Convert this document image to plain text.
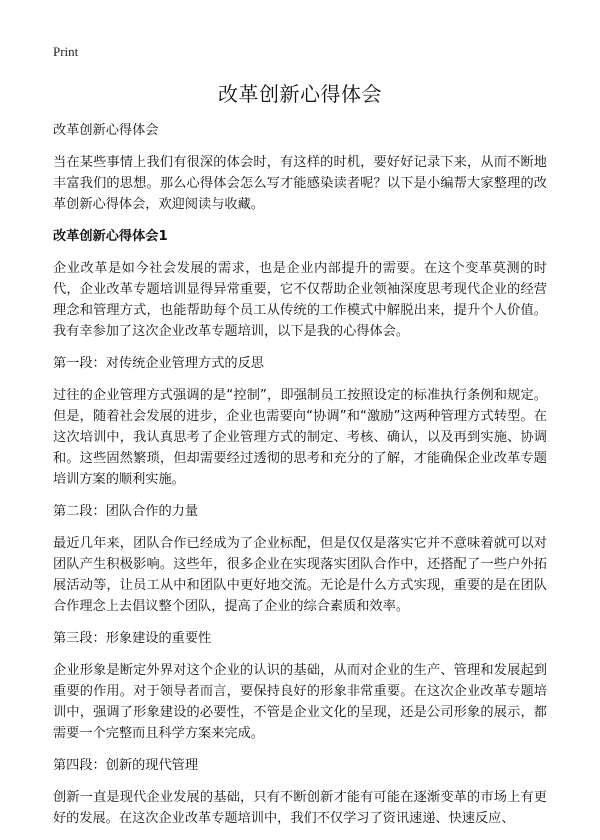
Print
改革创新心得体会

改革创新心得体会

当在某些事情上我们有很深的体会时，有这样的时机，要好好记录下来，从而不断地丰富我们的思想。那么心得体会怎么写才能感染读者呢？以下是小编帮大家整理的改革创新心得体会，欢迎阅读与收藏。

改革创新心得体会1

企业改革是如今社会发展的需求，也是企业内部提升的需要。在这个变革莫测的时代，企业改革专题培训显得异常重要，它不仅帮助企业领袖深度思考现代企业的经营理念和管理方式，也能帮助每个员工从传统的工作模式中解脱出来，提升个人价值。我有幸参加了这次企业改革专题培训，以下是我的心得体会。

第一段：对传统企业管理方式的反思

过往的企业管理方式强调的是“控制”，即强制员工按照设定的标准执行条例和规定。但是，随着社会发展的进步，企业也需要向“协调”和“激励”这两种管理方式转型。在这次培训中，我认真思考了企业管理方式的制定、考核、确认，以及再到实施、协调和。这些固然繁琐，但却需要经过透彻的思考和充分的了解，才能确保企业改革专题培训方案的顺利实施。

第二段：团队合作的力量

最近几年来，团队合作已经成为了企业标配，但是仅仅是落实它并不意味着就可以对团队产生积极影响。这些年，很多企业在实现落实团队合作中，还搭配了一些户外拓展活动等，让员工从中和团队中更好地交流。无论是什么方式实现，重要的是在团队合作理念上去倡议整个团队，提高了企业的综合素质和效率。

第三段：形象建设的重要性

企业形象是断定外界对这个企业的认识的基础，从而对企业的生产、管理和发展起到重要的作用。对于领导者而言，要保持良好的形象非常重要。在这次企业改革专题培训中，强调了形象建设的必要性，不管是企业文化的呈现，还是公司形象的展示，都需要一个完整而且科学方案来完成。

第四段：创新的现代管理

创新一直是现代企业发展的基础，只有不断创新才能有可能在逐渐变革的市场上有更好的发展。在这次企业改革专题培训中，我们不仅学习了资讯速递、快速反应、
